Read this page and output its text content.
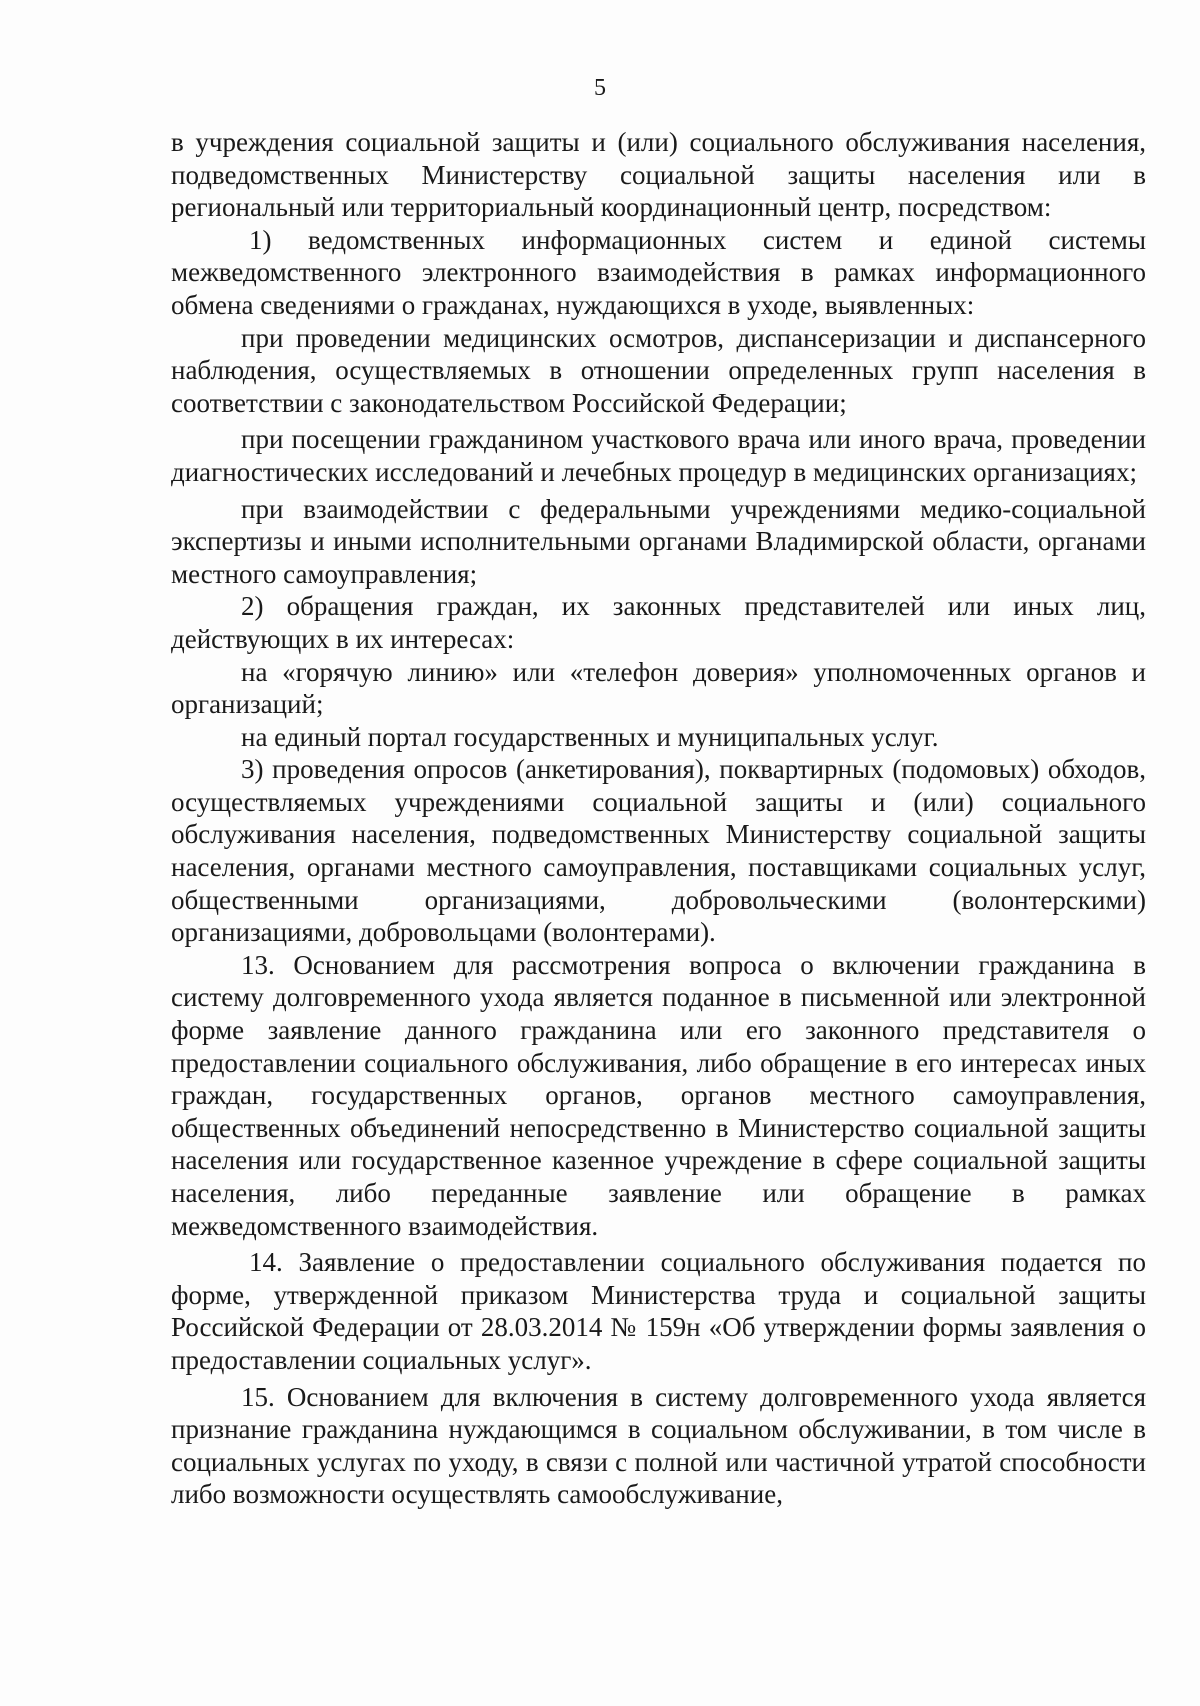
5

в учреждения социальной защиты и (или) социального обслуживания населения, подведомственных Министерству социальной защиты населения или в региональный или территориальный координационный центр, посредством:

1) ведомственных информационных систем и единой системы межведомственного электронного взаимодействия в рамках информационного обмена сведениями о гражданах, нуждающихся в уходе, выявленных:

при проведении медицинских осмотров, диспансеризации и диспансерного наблюдения, осуществляемых в отношении определенных групп населения в соответствии с законодательством Российской Федерации;

при посещении гражданином участкового врача или иного врача, проведении диагностических исследований и лечебных процедур в медицинских организациях;

при взаимодействии с федеральными учреждениями медико-социальной экспертизы и иными исполнительными органами Владимирской области, органами местного самоуправления;

2) обращения граждан, их законных представителей или иных лиц, действующих в их интересах:

на «горячую линию» или «телефон доверия» уполномоченных органов и организаций;

на единый портал государственных и муниципальных услуг.

3) проведения опросов (анкетирования), поквартирных (подомовых) обходов, осуществляемых учреждениями социальной защиты и (или) социального обслуживания населения, подведомственных Министерству социальной защиты населения, органами местного самоуправления, поставщиками социальных услуг, общественными организациями, добровольческими (волонтерскими) организациями, добровольцами (волонтерами).

13. Основанием для рассмотрения вопроса о включении гражданина в систему долговременного ухода является поданное в письменной или электронной форме заявление данного гражданина или его законного представителя о предоставлении социального обслуживания, либо обращение в его интересах иных граждан, государственных органов, органов местного самоуправления, общественных объединений непосредственно в Министерство социальной защиты населения или государственное казенное учреждение в сфере социальной защиты населения, либо переданные заявление или обращение в рамках межведомственного взаимодействия.

14. Заявление о предоставлении социального обслуживания подается по форме, утвержденной приказом Министерства труда и социальной защиты Российской Федерации от 28.03.2014 № 159н «Об утверждении формы заявления о предоставлении социальных услуг».

15. Основанием для включения в систему долговременного ухода является признание гражданина нуждающимся в социальном обслуживании, в том числе в социальных услугах по уходу, в связи с полной или частичной утратой способности либо возможности осуществлять самообслуживание,
